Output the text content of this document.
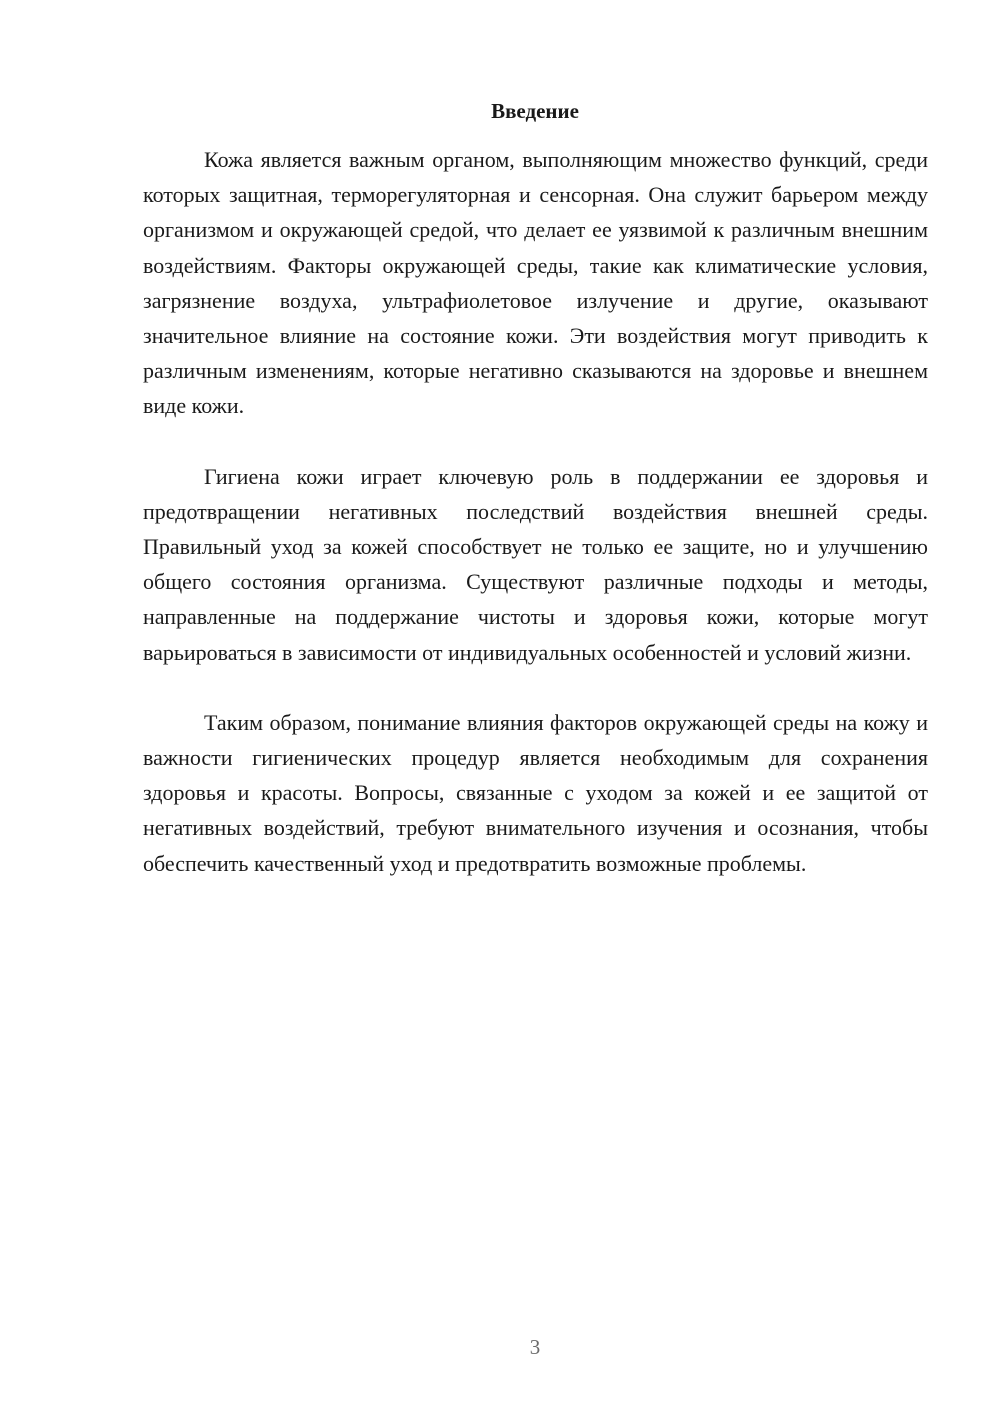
Введение

Кожа является важным органом, выполняющим множество функций, среди которых защитная, терморегуляторная и сенсорная. Она служит барьером между организмом и окружающей средой, что делает ее уязвимой к различным внешним воздействиям. Факторы окружающей среды, такие как климатические условия, загрязнение воздуха, ультрафиолетовое излучение и другие, оказывают значительное влияние на состояние кожи. Эти воздействия могут приводить к различным изменениям, которые негативно сказываются на здоровье и внешнем виде кожи.

Гигиена кожи играет ключевую роль в поддержании ее здоровья и предотвращении негативных последствий воздействия внешней среды. Правильный уход за кожей способствует не только ее защите, но и улучшению общего состояния организма. Существуют различные подходы и методы, направленные на поддержание чистоты и здоровья кожи, которые могут варьироваться в зависимости от индивидуальных особенностей и условий жизни.

Таким образом, понимание влияния факторов окружающей среды на кожу и важности гигиенических процедур является необходимым для сохранения здоровья и красоты. Вопросы, связанные с уходом за кожей и ее защитой от негативных воздействий, требуют внимательного изучения и осознания, чтобы обеспечить качественный уход и предотвратить возможные проблемы.

3
